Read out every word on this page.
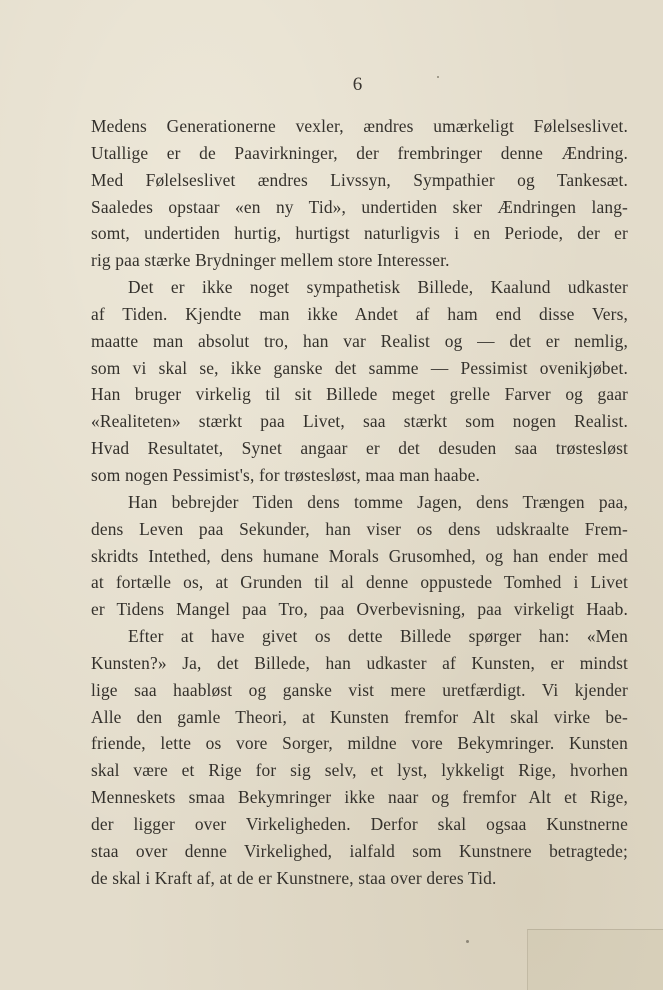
6
Medens Generationerne vexler, ændres umærkeligt Følelseslivet.
Utallige er de Paavirkninger, der frembringer denne Ændring.
Med Følelseslivet ændres Livssyn, Sympathier og Tankesæt.
Saaledes opstaar «en ny Tid», undertiden sker Ændringen lang-
somt, undertiden hurtig, hurtigst naturligvis i en Periode, der er
rig paa stærke Brydninger mellem store Interesser.
Det er ikke noget sympathetisk Billede, Kaalund udkaster
af Tiden. Kjendte man ikke Andet af ham end disse Vers,
maatte man absolut tro, han var Realist og — det er nemlig,
som vi skal se, ikke ganske det samme — Pessimist ovenikjøbet.
Han bruger virkelig til sit Billede meget grelle Farver og gaar
«Realiteten» stærkt paa Livet, saa stærkt som nogen Realist.
Hvad Resultatet, Synet angaar er det desuden saa trøstesløst
som nogen Pessimist's, for trøstesløst, maa man haabe.
Han bebrejder Tiden dens tomme Jagen, dens Trængen paa,
dens Leven paa Sekunder, han viser os dens udskraalte Frem-
skridts Intethed, dens humane Morals Grusomhed, og han ender med
at fortælle os, at Grunden til al denne oppustede Tomhed i Livet
er Tidens Mangel paa Tro, paa Overbevisning, paa virkeligt Haab.
Efter at have givet os dette Billede spørger han: «Men
Kunsten?» Ja, det Billede, han udkaster af Kunsten, er mindst
lige saa haabløst og ganske vist mere uretfærdigt. Vi kjender
Alle den gamle Theori, at Kunsten fremfor Alt skal virke be-
friende, lette os vore Sorger, mildne vore Bekymringer. Kunsten
skal være et Rige for sig selv, et lyst, lykkeligt Rige, hvorhen
Menneskets smaa Bekymringer ikke naar og fremfor Alt et Rige,
der ligger over Virkeligheden. Derfor skal ogsaa Kunstnerne
staa over denne Virkelighed, ialfald som Kunstnere betragtede;
de skal i Kraft af, at de er Kunstnere, staa over deres Tid.
